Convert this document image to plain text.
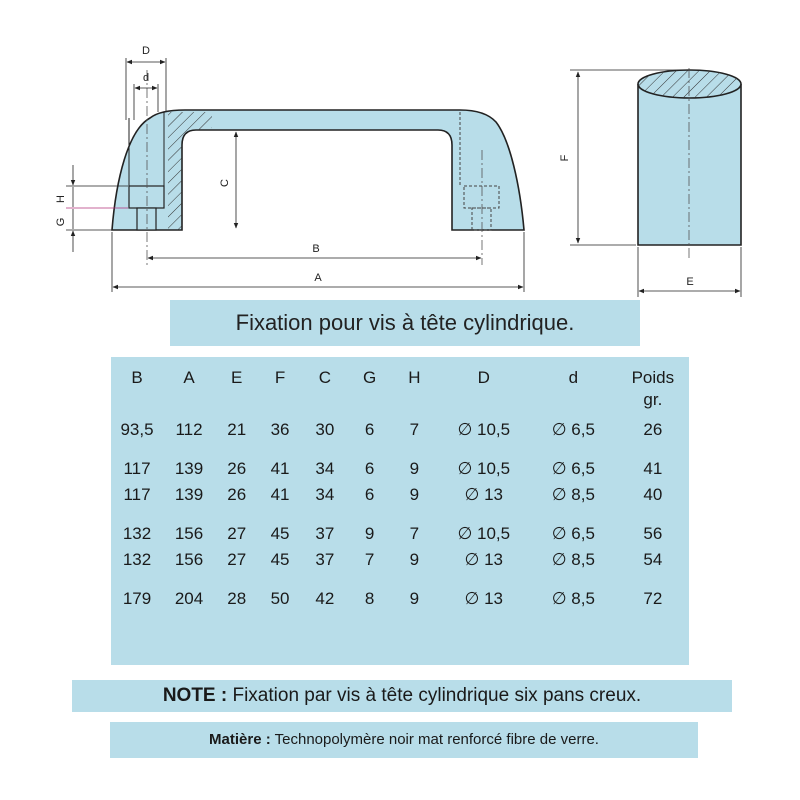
D
d
C
B
A
H
G
F
E
Fixation pour vis à tête cylindrique.
B	A	E	F	C	G	H	D	d	Poids
gr.
93,5	112	21	36	30	6	7	∅ 10,5	∅ 6,5	26

117	139	26	41	34	6	9	∅ 10,5	∅ 6,5	41
117	139	26	41	34	6	9	∅ 13	∅ 8,5	40

132	156	27	45	37	9	7	∅ 10,5	∅ 6,5	56
132	156	27	45	37	7	9	∅ 13	∅ 8,5	54

179	204	28	50	42	8	9	∅ 13	∅ 8,5	72
NOTE : Fixation par vis à tête cylindrique six pans creux.
Matière : Technopolymère noir mat renforcé fibre de verre.
